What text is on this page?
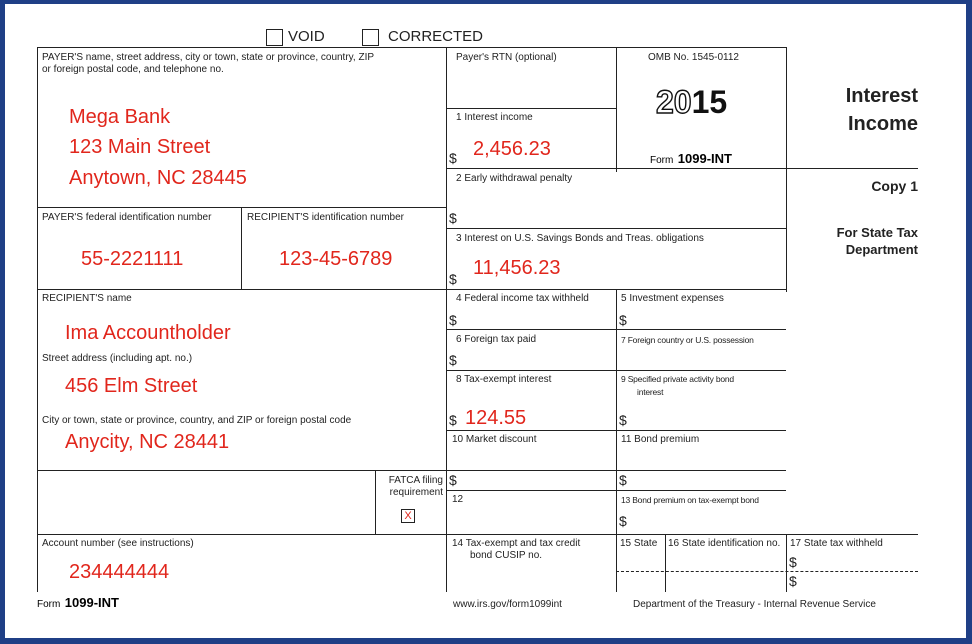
VOID	CORRECTED
PAYER'S name, street address, city or town, state or province, country, ZIP
or foreign postal code, and telephone no.
Mega Bank
123 Main Street
Anytown, NC 28445
Payer's RTN (optional)	OMB No. 1545-0112
2015
Form 1099-INT
Interest
Income
Copy 1
For State Tax
Department
1 Interest income
$ 2,456.23
2 Early withdrawal penalty
$
PAYER'S federal identification number
55-2221111
RECIPIENT'S identification number
123-45-6789
3 Interest on U.S. Savings Bonds and Treas. obligations
$ 11,456.23
RECIPIENT'S name
Ima Accountholder
Street address (including apt. no.)
456 Elm Street
City or town, state or province, country, and ZIP or foreign postal code
Anycity, NC 28441
4 Federal income tax withheld
$
5 Investment expenses
$
6 Foreign tax paid
$
7 Foreign country or U.S. possession
8 Tax-exempt interest
$ 124.55
9 Specified private activity bond
interest
$
10 Market discount
$
11 Bond premium
$
FATCA filing
requirement
X
12	13 Bond premium on tax-exempt bond
$
Account number (see instructions)
234444444
14 Tax-exempt and tax credit
bond CUSIP no.
15 State 16 State identification no. 17 State tax withheld
$
$
Form 1099-INT	www.irs.gov/form1099int	Department of the Treasury - Internal Revenue Service
